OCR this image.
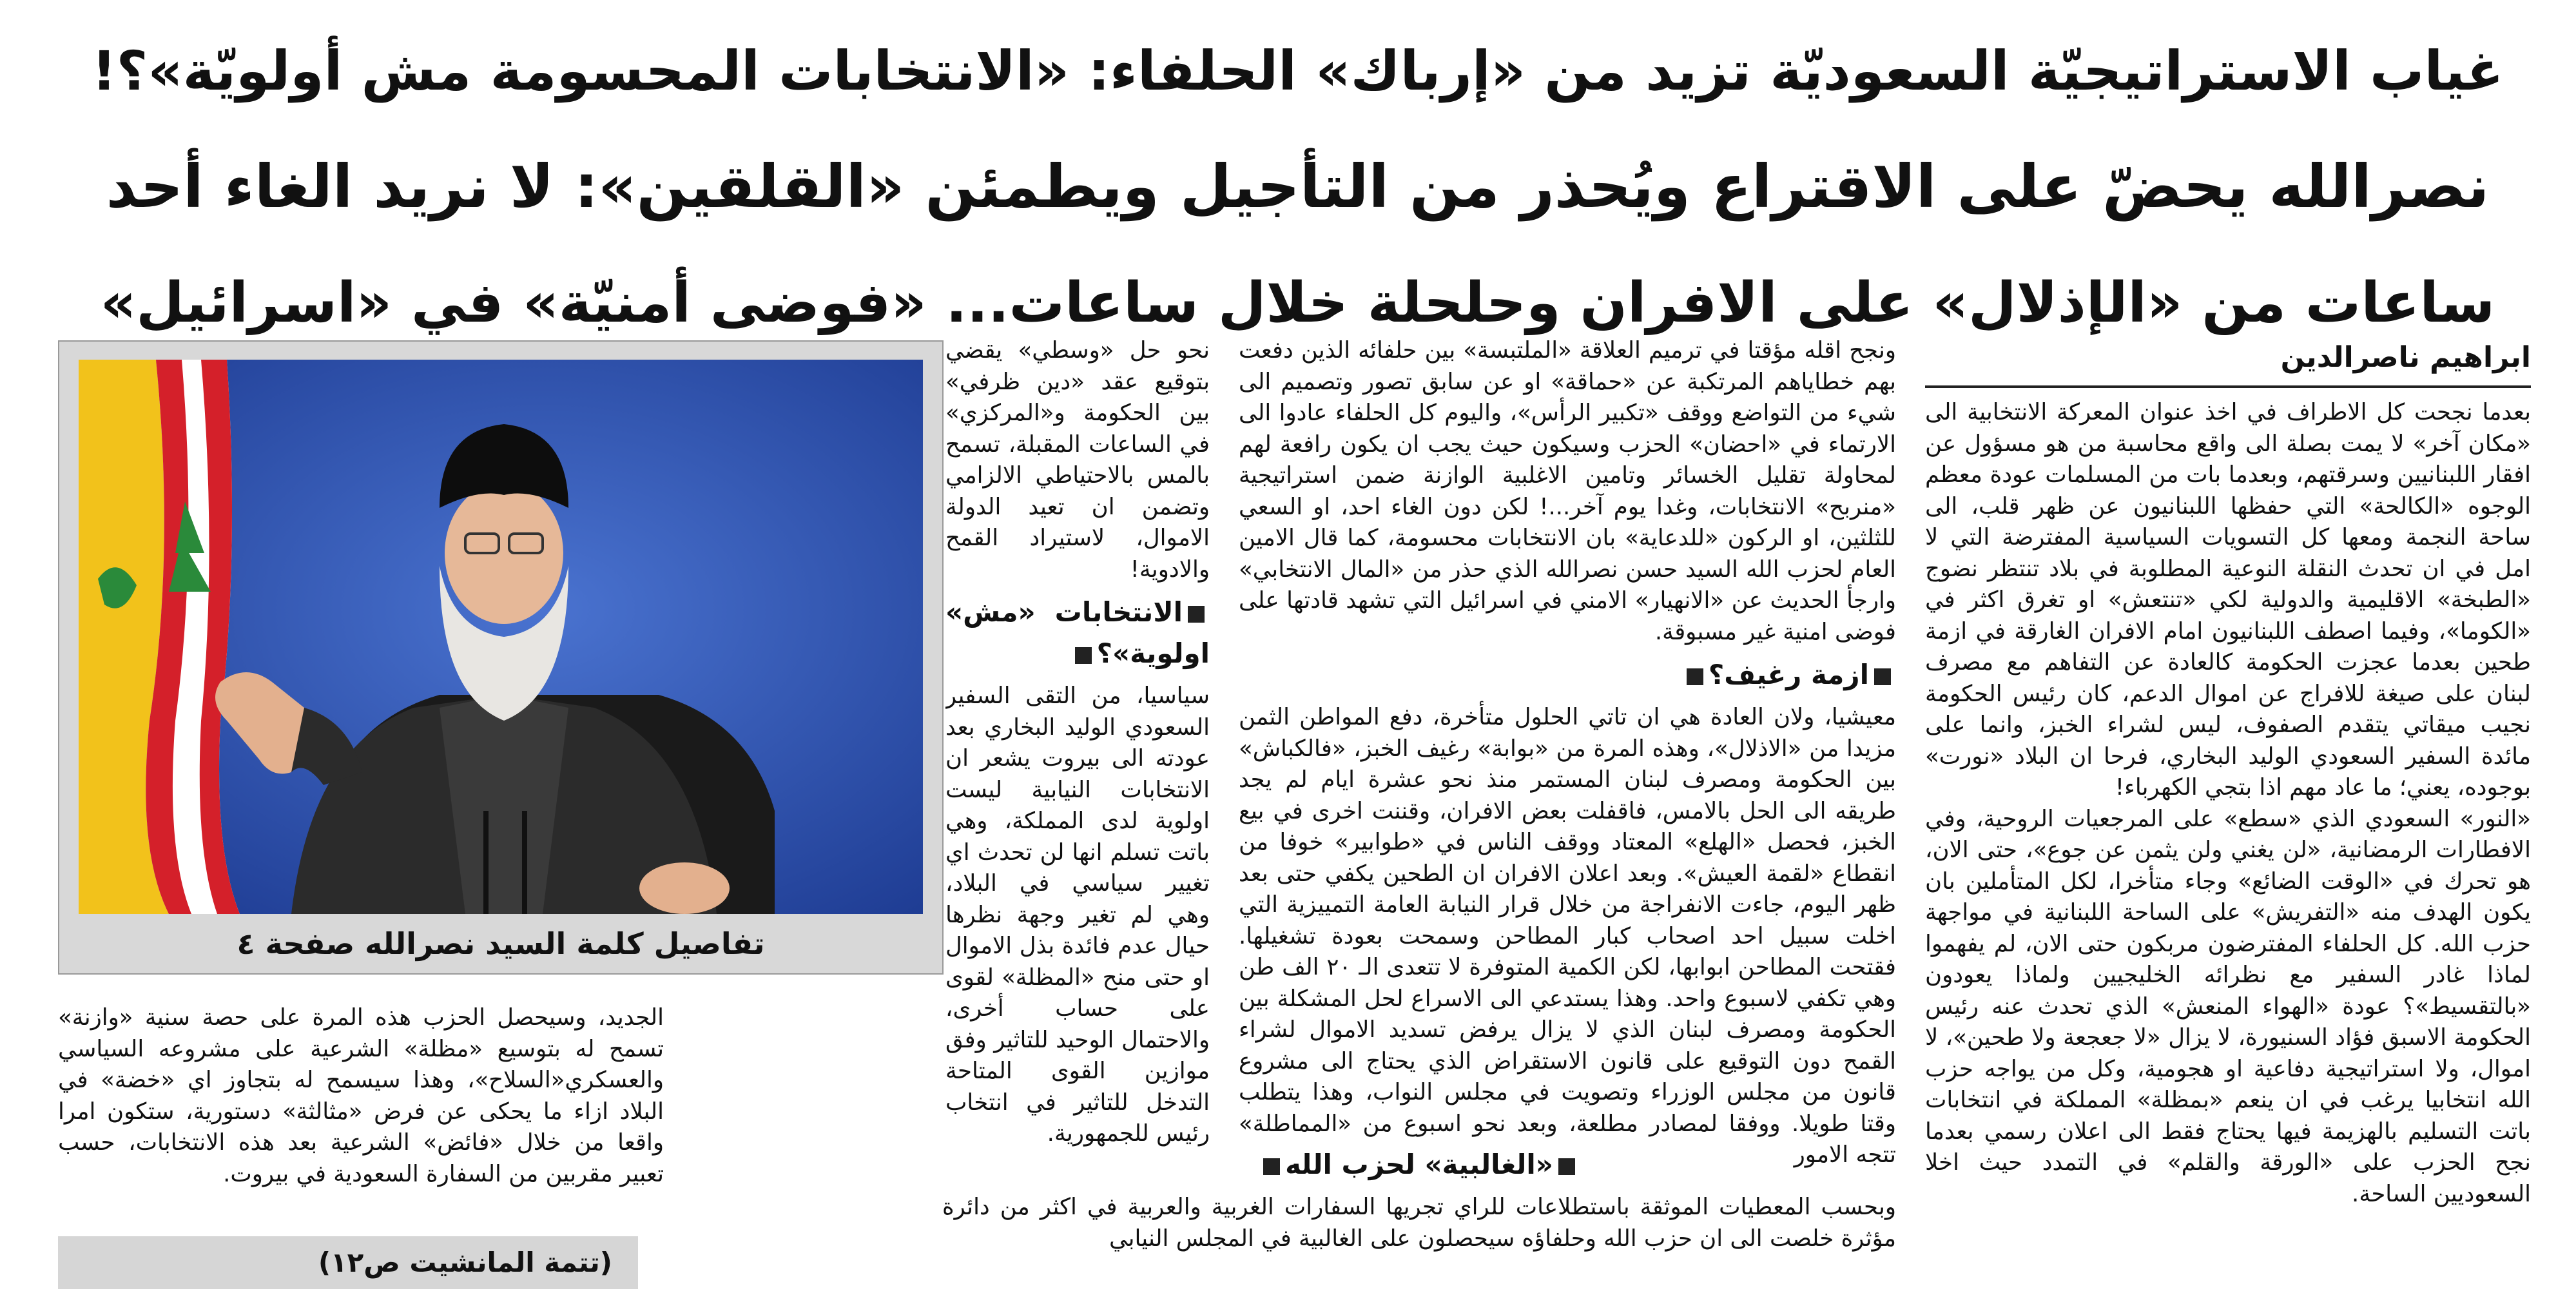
غياب الاستراتيجيّة السعوديّة تزيد من «إرباك» الحلفاء: «الانتخابات المحسومة مش أولويّة»؟!
نصرالله يحضّ على الاقتراع ويُحذر من التأجيل ويطمئن «القلقين»: لا نريد الغاء أحد
ساعات من «الإذلال» على الافران وحلحلة خلال ساعات... «فوضى أمنيّة» في «اسرائيل»
ابراهيم ناصرالدين

بعدما نجحت كل الاطراف في اخذ عنوان المعركة الانتخابية الى «مكان آخر» لا يمت بصلة الى واقع محاسبة من هو مسؤول عن افقار اللبنانيين وسرقتهم، وبعدما بات من المسلمات عودة معظم الوجوه «الكالحة» التي حفظها اللبنانيون عن ظهر قلب، الى ساحة النجمة ومعها كل التسويات السياسية المفترضة التي لا امل في ان تحدث النقلة النوعية المطلوبة في بلاد تنتظر نضوج «الطبخة» الاقليمية والدولية لكي «تنتعش» او تغرق اكثر في «الكوما»، وفيما اصطف اللبنانيون امام الافران الغارقة في ازمة طحين بعدما عجزت الحكومة كالعادة عن التفاهم مع مصرف لبنان على صيغة للافراج عن اموال الدعم، كان رئيس الحكومة نجيب ميقاتي يتقدم الصفوف، ليس لشراء الخبز، وانما على مائدة السفير السعودي الوليد البخاري، فرحا ان البلاد «نورت» بوجوده، يعني؛ ما عاد مهم اذا بتجي الكهرباء!

«النور» السعودي الذي «سطع» على المرجعيات الروحية، وفي الافطارات الرمضانية، «لن يغني ولن يثمن عن جوع»، حتى الان، هو تحرك في «الوقت الضائع» وجاء متأخرا، لكل المتأملين بان يكون الهدف منه «التفريش» على الساحة اللبنانية في مواجهة حزب الله. كل الحلفاء المفترضون مربكون حتى الان، لم يفهموا لماذا غادر السفير مع نظرائه الخليجيين ولماذا يعودون «بالتقسيط»؟ عودة «الهواء المنعش» الذي تحدث عنه رئيس الحكومة الاسبق فؤاد السنيورة، لا يزال «لا جعجعة ولا طحين»، لا اموال، ولا استراتيجية دفاعية او هجومية، وكل من يواجه حزب الله انتخابيا يرغب في ان ينعم «بمظلة» المملكة في انتخابات باتت التسليم بالهزيمة فيها يحتاج فقط الى اعلان رسمي بعدما نجح الحزب على «الورقة والقلم» في التمدد حيث اخلا السعوديين الساحة.

ونجح اقله مؤقتا في ترميم العلاقة «الملتبسة» بين حلفائه الذين دفعت بهم خطاياهم المرتكبة عن «حماقة» او عن سابق تصور وتصميم الى شيء من التواضع ووقف «تكبير الرأس»، واليوم كل الحلفاء عادوا الى الارتماء في «احضان» الحزب وسيكون حيث يجب ان يكون رافعة لهم لمحاولة تقليل الخسائر وتامين الاغلبية الوازنة ضمن استراتيجية «منربح» الانتخابات، وغدا يوم آخر...! لكن دون الغاء احد، او السعي للثلثين، او الركون «للدعاية» بان الانتخابات محسومة، كما قال الامين العام لحزب الله السيد حسن نصرالله الذي حذر من «المال الانتخابي» وارجأ الحديث عن «الانهيار» الامني في اسرائيل التي تشهد قادتها على فوضى امنية غير مسبوقة.

ازمة رغيف؟

معيشيا، ولان العادة هي ان تاتي الحلول متأخرة، دفع المواطن الثمن مزيدا من «الاذلال»، وهذه المرة من «بوابة» رغيف الخبز، «فالكباش» بين الحكومة ومصرف لبنان المستمر منذ نحو عشرة ايام لم يجد طريقه الى الحل بالامس، فاقفلت بعض الافران، وقننت اخرى في بيع الخبز، فحصل «الهلع» المعتاد ووقف الناس في «طوابير» خوفا من انقطاع «لقمة العيش». وبعد اعلان الافران ان الطحين يكفي حتى بعد ظهر اليوم، جاءت الانفراجة من خلال قرار النيابة العامة التمييزية التي اخلت سبيل احد اصحاب كبار المطاحن وسمحت بعودة تشغيلها. فقتحت المطاحن ابوابها، لكن الكمية المتوفرة لا تتعدى الـ ٢٠ الف طن وهي تكفي لاسبوع واحد. وهذا يستدعي الى الاسراع لحل المشكلة بين الحكومة ومصرف لبنان الذي لا يزال يرفض تسديد الاموال لشراء القمح دون التوقيع على قانون الاستقراض الذي يحتاج الى مشروع قانون من مجلس الوزراء وتصويت في مجلس النواب، وهذا يتطلب وقتا طويلا. ووفقا لمصادر مطلعة، وبعد نحو اسبوع من «المماطلة» تتجه الامور

نحو حل «وسطي» يقضي بتوقيع عقد «دين ظرفي» بين الحكومة و«المركزي» في الساعات المقبلة، تسمح بالمس بالاحتياطي الالزامي وتضمن ان تعيد الدولة الاموال، لاستيراد القمح والادوية!

الانتخابات «مش» اولوية»؟

سياسيا، من التقى السفير السعودي الوليد البخاري بعد عودته الى بيروت يشعر ان الانتخابات النيابية ليست اولوية لدى المملكة، وهي باتت تسلم انها لن تحدث اي تغيير سياسي في البلاد، وهي لم تغير وجهة نظرها حيال عدم فائدة بذل الاموال او حتى منح «المظلة» لقوى على حساب أخرى، والاحتمال الوحيد للتاثير وفق موازين القوى المتاحة التدخل للتاثير في انتخاب رئيس للجمهورية.

«الغالبية» لحزب الله

وبحسب المعطيات الموثقة باستطلاعات للراي تجريها السفارات الغربية والعربية في اكثر من دائرة مؤثرة خلصت الى ان حزب الله وحلفاؤه سيحصلون على الغالبية في المجلس النيابي

تفاصيل كلمة السيد نصرالله صفحة ٤

الجديد، وسيحصل الحزب هذه المرة على حصة سنية «وازنة» تسمح له بتوسيع «مظلة» الشرعية على مشروعه السياسي والعسكري«السلاح»، وهذا سيسمح له بتجاوز اي «خضة» في البلاد ازاء ما يحكى عن فرض «مثالثة» دستورية، ستكون امرا واقعا من خلال «فائض» الشرعية بعد هذه الانتخابات، حسب تعبير مقربين من السفارة السعودية في بيروت.

(تتمة المانشيت ص١٢)
